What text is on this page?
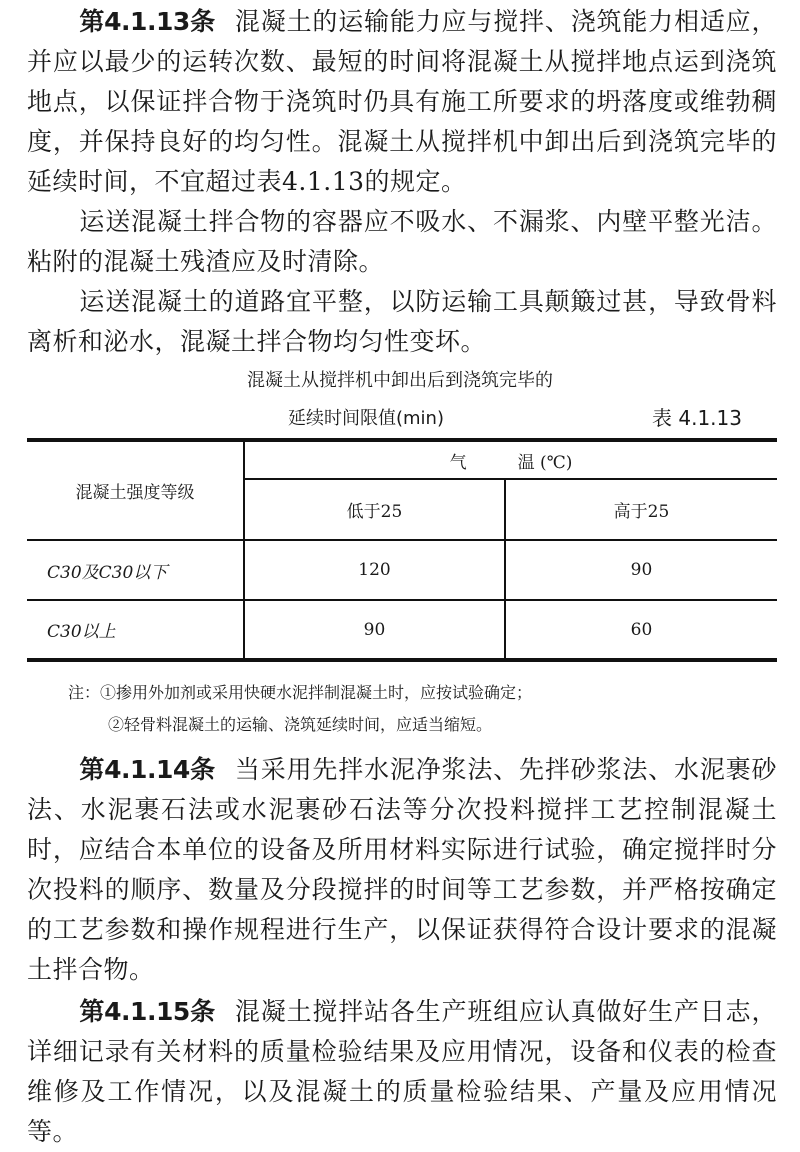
第4.1.13条 混凝土的运输能力应与搅拌、浇筑能力相适应，并应以最少的运转次数、最短的时间将混凝土从搅拌地点运到浇筑地点，以保证拌合物于浇筑时仍具有施工所要求的坍落度或维勃稠度，并保持良好的均匀性。混凝土从搅拌机中卸出后到浇筑完毕的延续时间，不宜超过表4.1.13的规定。
运送混凝土拌合物的容器应不吸水、不漏浆、内壁平整光洁。粘附的混凝土残渣应及时清除。
运送混凝土的道路宜平整，以防运输工具颠簸过甚，导致骨料离析和泌水，混凝土拌合物均匀性变坏。
混凝土从搅拌机中卸出后到浇筑完毕的
延续时间限值(min)	表 4.1.13
混凝土强度等级
气　　　温 (℃)
低于25	高于25
C30及C30以下	120	90
C30以上	90	60
注：①掺用外加剂或采用快硬水泥拌制混凝土时，应按试验确定；
②轻骨料混凝土的运输、浇筑延续时间，应适当缩短。
第4.1.14条 当采用先拌水泥净浆法、先拌砂浆法、水泥裹砂法、水泥裹石法或水泥裹砂石法等分次投料搅拌工艺控制混凝土时，应结合本单位的设备及所用材料实际进行试验，确定搅拌时分次投料的顺序、数量及分段搅拌的时间等工艺参数，并严格按确定的工艺参数和操作规程进行生产，以保证获得符合设计要求的混凝土拌合物。
第4.1.15条 混凝土搅拌站各生产班组应认真做好生产日志，详细记录有关材料的质量检验结果及应用情况，设备和仪表的检查维修及工作情况，以及混凝土的质量检验结果、产量及应用情况等。
